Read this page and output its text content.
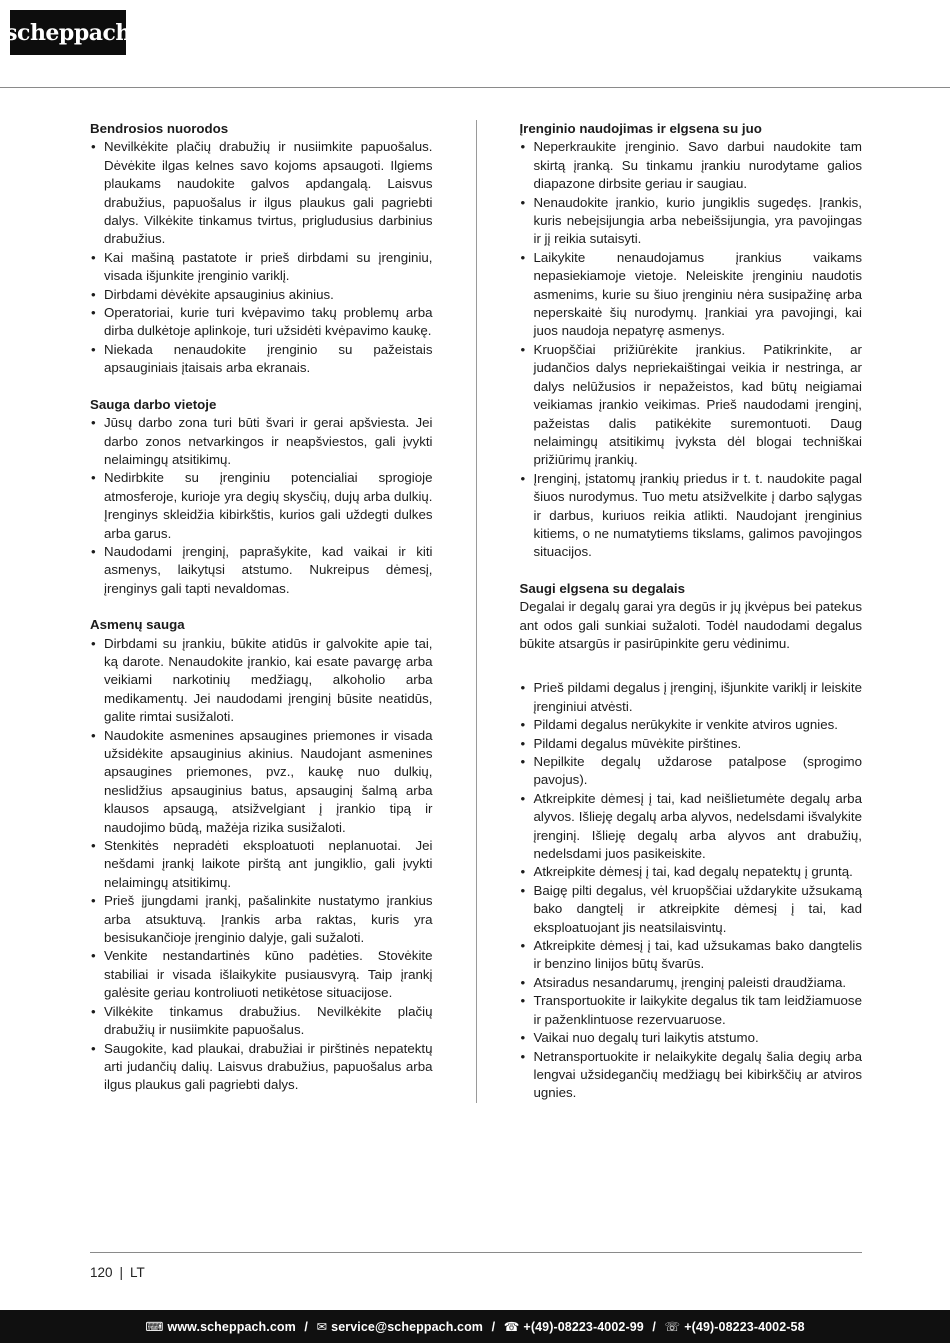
scheppach
Bendrosios nuorodos
• Nevilkėkite plačių drabužių ir nusiimkite papuošalus. Dėvėkite ilgas kelnes savo kojoms apsaugoti. Ilgiems plaukams naudokite galvos apdangalą. Laisvus drabužius, papuošalus ir ilgus plaukus gali pagriebti dalys. Vilkėkite tinkamus tvirtus, prigludusius darbinius drabužius.
• Kai mašiną pastatote ir prieš dirbdami su įrenginiu, visada išjunkite įrenginio variklį.
• Dirbdami dėvėkite apsauginius akinius.
• Operatoriai, kurie turi kvėpavimo takų problemų arba dirba dulkėtoje aplinkoje, turi užsidėti kvėpavimo kaukę.
• Niekada nenaudokite įrenginio su pažeistais apsauginiais įtaisais arba ekranais.
Sauga darbo vietoje
• Jūsų darbo zona turi būti švari ir gerai apšviesta. Jei darbo zonos netvarkingos ir neapšviestos, gali įvykti nelaimingų atsitikimų.
• Nedirbkite su įrenginiu potencialiai sprogioje atmosferoje, kurioje yra degių skysčių, dujų arba dulkių. Įrenginys skleidžia kibirkštis, kurios gali uždegti dulkes arba garus.
• Naudodami įrenginį, paprašykite, kad vaikai ir kiti asmenys, laikytųsi atstumo. Nukreipus dėmesį, įrenginys gali tapti nevaldomas.
Asmenų sauga
• Dirbdami su įrankiu, būkite atidūs ir galvokite apie tai, ką darote. Nenaudokite įrankio, kai esate pavargę arba veikiami narkotinių medžiagų, alkoholio arba medikamentų. Jei naudodami įrenginį būsite neatidūs, galite rimtai susižaloti.
• Naudokite asmenines apsaugines priemones ir visada užsidėkite apsauginius akinius. Naudojant asmenines apsaugines priemones, pvz., kaukę nuo dulkių, neslidžius apsauginius batus, apsauginį šalmą arba klausos apsaugą, atsižvelgiant į įrankio tipą ir naudojimo būdą, mažėja rizika susižaloti.
• Stenkitės nepradėti eksploatuoti neplanuotai. Jei nešdami įrankį laikote pirštą ant jungiklio, gali įvykti nelaimingų atsitikimų.
• Prieš įjungdami įrankį, pašalinkite nustatymo įrankius arba atsuktuvą. Įrankis arba raktas, kuris yra besisukančioje įrenginio dalyje, gali sužaloti.
• Venkite nestandartinės kūno padėties. Stovėkite stabiliai ir visada išlaikykite pusiausvyrą. Taip įrankį galėsite geriau kontroliuoti netikėtose situacijose.
• Vilkėkite tinkamus drabužius. Nevilkėkite plačių drabužių ir nusiimkite papuošalus.
• Saugokite, kad plaukai, drabužiai ir pirštinės nepatektų arti judančių dalių. Laisvus drabužius, papuošalus arba ilgus plaukus gali pagriebti dalys.
Įrenginio naudojimas ir elgsena su juo
• Neperkraukite įrenginio. Savo darbui naudokite tam skirtą įranką. Su tinkamu įrankiu nurodytame galios diapazone dirbsite geriau ir saugiau.
• Nenaudokite įrankio, kurio jungiklis sugedęs. Įrankis, kuris nebeįsijungia arba nebeišsijungia, yra pavojingas ir jį reikia sutaisyti.
• Laikykite nenaudojamus įrankius vaikams nepasiekiamoje vietoje. Neleiskite įrenginiu naudotis asmenims, kurie su šiuo įrenginiu nėra susipažinę arba neperskaitė šių nurodymų. Įrankiai yra pavojingi, kai juos naudoja nepatyrę asmenys.
• Kruopščiai prižiūrėkite įrankius. Patikrinkite, ar judančios dalys nepriekaištingai veikia ir nestringa, ar dalys nelūžusios ir nepažeistos, kad būtų neigiamai veikiamas įrankio veikimas. Prieš naudodami įrenginį, pažeistas dalis patikėkite suremontuoti. Daug nelaimingų atsitikimų įvyksta dėl blogai techniškai prižiūrimų įrankių.
• Įrenginį, įstatomų įrankių priedus ir t. t. naudokite pagal šiuos nurodymus. Tuo metu atsižvelkite į darbo sąlygas ir darbus, kuriuos reikia atlikti. Naudojant įrenginius kitiems, o ne numatytiems tikslams, galimos pavojingos situacijos.
Saugi elgsena su degalais

Degalai ir degalų garai yra degūs ir jų įkvėpus bei patekus ant odos gali sunkiai sužaloti. Todėl naudodami degalus būkite atsargūs ir pasirūpinkite geru vėdinimu.

• Prieš pildami degalus į įrenginį, išjunkite variklį ir leiskite įrenginiui atvėsti.
• Pildami degalus nerūkykite ir venkite atviros ugnies.
• Pildami degalus mūvėkite pirštines.
• Nepilkite degalų uždarose patalpose (sprogimo pavojus).
• Atkreipkite dėmesį į tai, kad neišlietumėte degalų arba alyvos. Išlieję degalų arba alyvos, nedelsdami išvalykite įrenginį. Išlieję degalų arba alyvos ant drabužių, nedelsdami juos pasikeiskite.
• Atkreipkite dėmesį į tai, kad degalų nepatektų į gruntą.
• Baigę pilti degalus, vėl kruopščiai uždarykite užsukamą bako dangtelį ir atkreipkite dėmesį į tai, kad eksploatuojant jis neatsilaisvintų.
• Atkreipkite dėmesį į tai, kad užsukamas bako dangtelis ir benzino linijos būtų švarūs.
• Atsiradus nesandarumų, įrenginį paleisti draudžiama.
• Transportuokite ir laikykite degalus tik tam leidžiamuose ir paženklintuose rezervuaruose.
• Vaikai nuo degalų turi laikytis atstumo.
• Netransportuokite ir nelaikykite degalų šalia degių arba lengvai užsidegančių medžiagų bei kibirkščių ar atviros ugnies.
120 | LT
⌨ www.scheppach.com / ✉ service@scheppach.com / ☎ +(49)-08223-4002-99 / ☏ +(49)-08223-4002-58
